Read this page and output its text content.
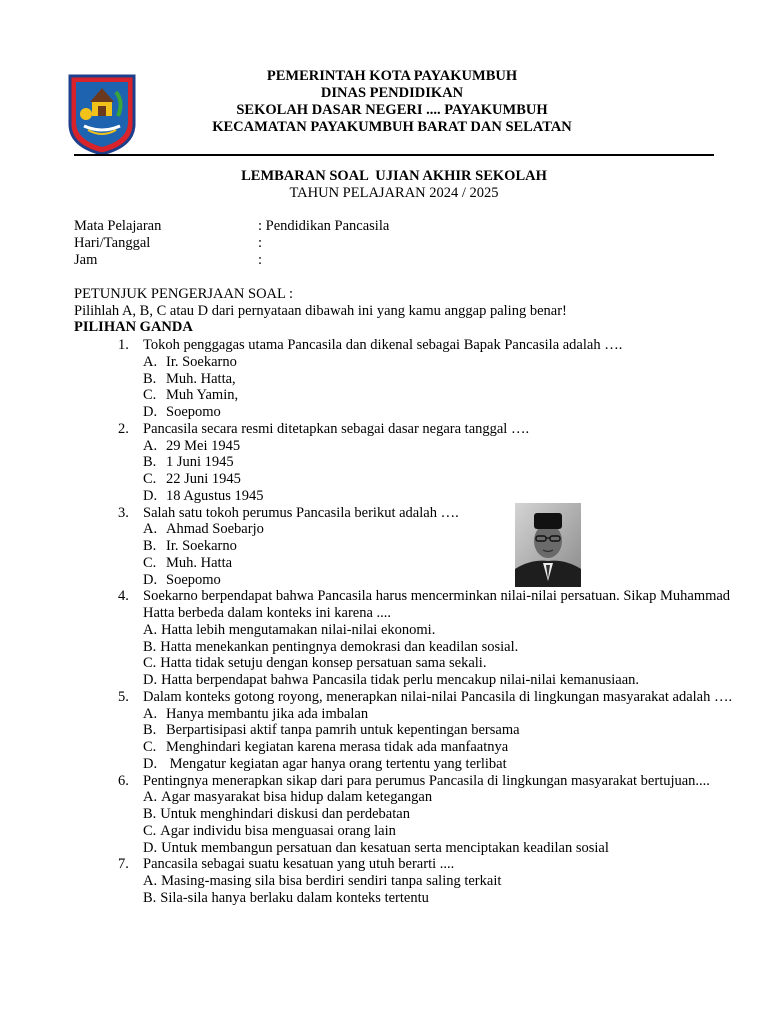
PEMERINTAH KOTA PAYAKUMBUH
DINAS PENDIDIKAN
SEKOLAH DASAR NEGERI .... PAYAKUMBUH
KECAMATAN PAYAKUMBUH BARAT DAN SELATAN
LEMBARAN SOAL  UJIAN AKHIR SEKOLAH
TAHUN PELAJARAN 2024 / 2025
Mata Pelajaran	: Pendidikan Pancasila
Hari/Tanggal	:
Jam	:
PETUNJUK PENGERJAAN SOAL :
Pilihlah A, B, C atau D dari pernyataan dibawah ini yang kamu anggap paling benar!
PILIHAN GANDA
1. Tokoh penggagas utama Pancasila dan dikenal sebagai Bapak Pancasila adalah ….
A. Ir. Soekarno
B. Muh. Hatta,
C. Muh Yamin,
D. Soepomo
2. Pancasila secara resmi ditetapkan sebagai dasar negara tanggal ….
A. 29 Mei 1945
B. 1 Juni 1945
C. 22 Juni 1945
D. 18 Agustus 1945
3. Salah satu tokoh perumus Pancasila berikut adalah ….
A. Ahmad Soebarjo
B. Ir. Soekarno
C. Muh. Hatta
D. Soepomo
4. Soekarno berpendapat bahwa Pancasila harus mencerminkan nilai-nilai persatuan. Sikap Muhammad Hatta berbeda dalam konteks ini karena ....
A. Hatta lebih mengutamakan nilai-nilai ekonomi.
B. Hatta menekankan pentingnya demokrasi dan keadilan sosial.
C. Hatta tidak setuju dengan konsep persatuan sama sekali.
D. Hatta berpendapat bahwa Pancasila tidak perlu mencakup nilai-nilai kemanusiaan.
5. Dalam konteks gotong royong, menerapkan nilai-nilai Pancasila di lingkungan masyarakat adalah ….
A. Hanya membantu jika ada imbalan
B. Berpartisipasi aktif tanpa pamrih untuk kepentingan bersama
C. Menghindari kegiatan karena merasa tidak ada manfaatnya
D. Mengatur kegiatan agar hanya orang tertentu yang terlibat
6. Pentingnya menerapkan sikap dari para perumus Pancasila di lingkungan masyarakat bertujuan....
A. Agar masyarakat bisa hidup dalam ketegangan
B. Untuk menghindari diskusi dan perdebatan
C. Agar individu bisa menguasai orang lain
D. Untuk membangun persatuan dan kesatuan serta menciptakan keadilan sosial
7. Pancasila sebagai suatu kesatuan yang utuh berarti ....
A. Masing-masing sila bisa berdiri sendiri tanpa saling terkait
B. Sila-sila hanya berlaku dalam konteks tertentu
